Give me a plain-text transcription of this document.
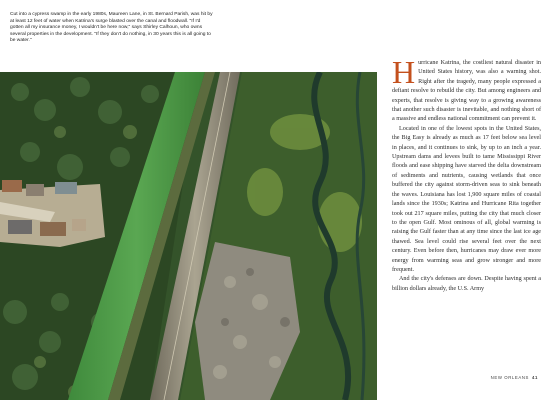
Cut into a cypress swamp in the early 1980s, Maureen Lane, in St. Bernard Parish, was hit by at least 12 feet of water when Katrina's surge blasted over the canal and floodwall. "If I'd gotten all my insurance money, I wouldn't be here now," says Shirley Calhoun, who owns several properties in the development. "If they don't do nothing, in 30 years this is all going to be water."

Hurricane Katrina, the costliest natural disaster in United States history, was also a warning shot. Right after the tragedy, many people expressed a defiant resolve to rebuild the city. But among engineers and experts, that resolve is giving way to a growing awareness that another such disaster is inevitable, and nothing short of a massive and endless national commitment can prevent it.

Located in one of the lowest spots in the United States, the Big Easy is already as much as 17 feet below sea level in places, and it continues to sink, by up to an inch a year. Upstream dams and levees built to tame Mississippi River floods and ease shipping have starved the delta downstream of sediments and nutrients, causing wetlands that once buffered the city against storm-driven seas to sink beneath the waves. Louisiana has lost 1,900 square miles of coastal lands since the 1930s; Katrina and Hurricane Rita together took out 217 square miles, putting the city that much closer to the open Gulf. Most ominous of all, global warming is raising the Gulf faster than at any time since the last ice age thawed. Sea level could rise several feet over the next century. Even before then, hurricanes may draw ever more energy from warming seas and grow stronger and more frequent.

And the city's defenses are down. Despite having spent a billion dollars already, the U.S. Army

NEW ORLEANS 41
